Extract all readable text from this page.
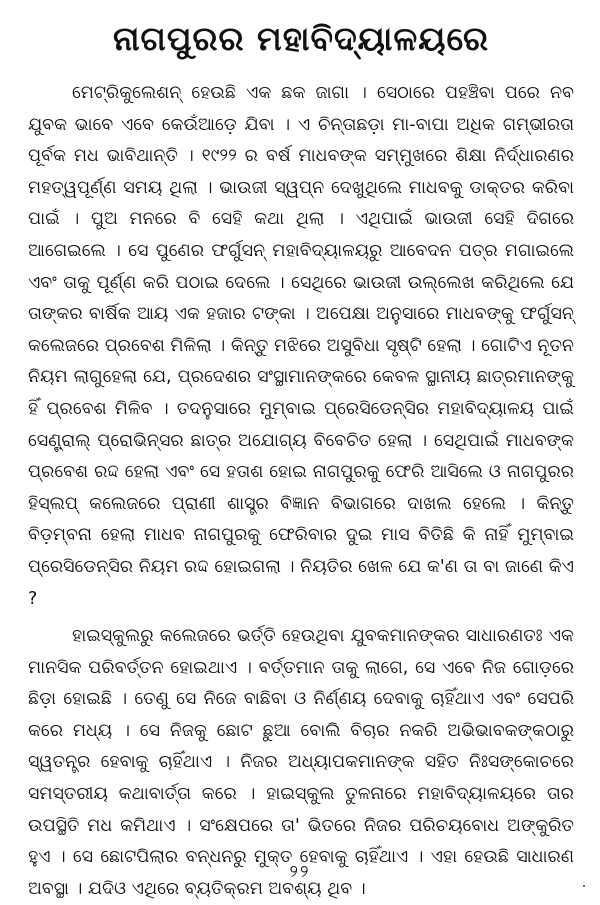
ନାଗପୁରର ମହାବିଦ୍ୟାଳୟରେ

ମେଟ୍ରିକୁଲେଶନ୍ ହେଉଛି ଏକ ଛକ ଜାଗା । ସେଠାରେ ପହଞ୍ଚିବା ପରେ ନବ ଯୁବକ ଭାବେ ଏବେ କେଉଁଆଡ଼େ ଯିବା । ଏ ଚିନ୍ତାଛଡ଼ା ମା-ବାପା ଅଧିକ ଗମ୍ଭୀରତା ପୂର୍ବକ ମଧ ଭାବିଥାନ୍ତି । ୧୯୨୨ ର ବର୍ଷ ମାଧବଙ୍କ ସମ୍ମୁଖରେ ଶିକ୍ଷା ନିର୍ଦ୍ଧାରଣର ମହତ୍ୱପୂର୍ଣ୍ଣ ସମୟ ଥିଲା । ଭାଉଜୀ ସ୍ୱପ୍ନ ଦେଖୁଥିଲେ ମାଧବକୁ ଡାକ୍ତର କରିବା ପାଇଁ । ପୁଅ ମନରେ ବି ସେହି କଥା ଥିଲା । ଏଥିପାଇଁ ଭାଉଜୀ ସେହି ଦିଗରେ ଆଗେଇଲେ । ସେ ପୁଣେର ଫର୍ଗୁସନ୍ ମହାବିଦ୍ୟାଳୟରୁ ଆବେଦନ ପତ୍ର ମଗାଇଲେ ଏବଂ ତାକୁ ପୂର୍ଣ୍ଣ କରି ପଠାଇ ଦେଲେ । ସେଥିରେ ଭାଉଜୀ ଉଲ୍ଲେଖ କରିଥିଲେ ଯେ ତାଙ୍କର ବାର୍ଷିକ ଆୟ ଏକ ହଜାର ଟଙ୍କା । ଅପେକ୍ଷା ଅନୁସାରେ ମାଧବଙ୍କୁ ଫର୍ଗୁସନ୍ କଲେଜରେ ପ୍ରବେଶ ମିଳିଲା । କିନ୍ତୁ ମଝିରେ ଅସୁବିଧା ସୃଷ୍ଟି ହେଲା । ଗୋଟିଏ ନୂତନ ନିୟମ ଲାଗୁହେଲା ଯେ, ପ୍ରଦେଶର ସଂସ୍ଥାମାନଙ୍କରେ କେବଳ ସ୍ଥାନୀୟ ଛାତ୍ରମାନଙ୍କୁ ହିଁ ପ୍ରବେଶ ମିଳିବ । ତଦନୁସାରେ ମୁମ୍ବାଇ ପ୍ରେସିଡେନ୍ସିର ମହାବିଦ୍ୟାଳୟ ପାଇଁ ସେଣ୍ଟ୍ରାଲ୍ ପ୍ରୋଭିନ୍ସର ଛାତ୍ର ଅଯୋଗ୍ୟ ବିବେଚିତ ହେଲା । ସେଥିପାଇଁ ମାଧବଙ୍କ ପ୍ରବେଶ ରଦ୍ଦ ହେଲା ଏବଂ ସେ ହତାଶ ହୋଇ ନାଗପୁରକୁ ଫେରି ଆସିଲେ ଓ ନାଗପୁରର ହିସ୍‌ଲପ୍ କଲେଜରେ ପ୍ରାଣୀ ଶାସ୍ତ୍ର ବିଜ୍ଞାନ ବିଭାଗରେ ଦାଖଲ ହେଲେ । କିନ୍ତୁ ବିଡ଼ମ୍ବନା ହେଲା ମାଧବ ନାଗପୁରକୁ ଫେରିବାର ଦୁଇ ମାସ ବିତିଛି କି ନାହିଁ ମୁମ୍ବାଇ ପ୍ରେସିଡେନ୍ସିର ନିୟମ ରଦ୍ଦ ହୋଇଗଲା । ନିୟତିର ଖେଳ ଯେ କ'ଣ ତା ବା ଜାଣେ କିଏ ?

ହାଇସ୍କୁଲରୁ କଲେଜରେ ଭର୍ତ୍ତି ହେଉଥିବା ଯୁବକମାନଙ୍କର ସାଧାରଣତଃ ଏକ ମାନସିକ ପରିବର୍ତ୍ତନ ହୋଇଥାଏ । ବର୍ତ୍ତମାନ ତାକୁ ଲାଗେ, ସେ ଏବେ ନିଜ ଗୋଡ଼ରେ ଛିଡ଼ା ହୋଇଛି । ତେଣୁ ସେ ନିଜେ ବାଛିବା ଓ ନିର୍ଣ୍ଣୟ ଦେବାକୁ ଚାହିଁଥାଏ ଏବଂ ସେପରି କରେ ମଧ୍ୟ । ସେ ନିଜକୁ ଛୋଟ ଛୁଆ ବୋଲି ବିଚାର ନକରି ଅଭିଭାବକଙ୍କଠାରୁ ସ୍ୱତନ୍ତ୍ର ହେବାକୁ ଚାହିଁଥାଏ । ନିଜର ଅଧ୍ୟାପକମାନଙ୍କ ସହିତ ନିଃସଙ୍କୋଚରେ ସମସ୍ତରୀୟ କଥାବାର୍ତ୍ତା କରେ । ହାଇସ୍କୁଲ ତୁଳନାରେ ମହାବିଦ୍ୟାଳୟରେ ତାର ଉପସ୍ଥିତି ମଧ କମିଥାଏ । ସଂକ୍ଷେପରେ ତା' ଭିତରେ ନିଜର ପରିଚୟବୋଧ ଅଙ୍କୁରିତ ହୁଏ । ସେ ଛୋଟପିଲାର ବନ୍ଧନରୁ ମୁକ୍ତ ହେବାକୁ ଚାହିଁଥାଏ । ଏହା ହେଉଛି ସାଧାରଣ ଅବସ୍ଥା । ଯଦିଓ ଏଥିରେ ବ୍ୟତିକ୍ରମ ଅବଶ୍ୟ ଥିବ ।

୨୨
